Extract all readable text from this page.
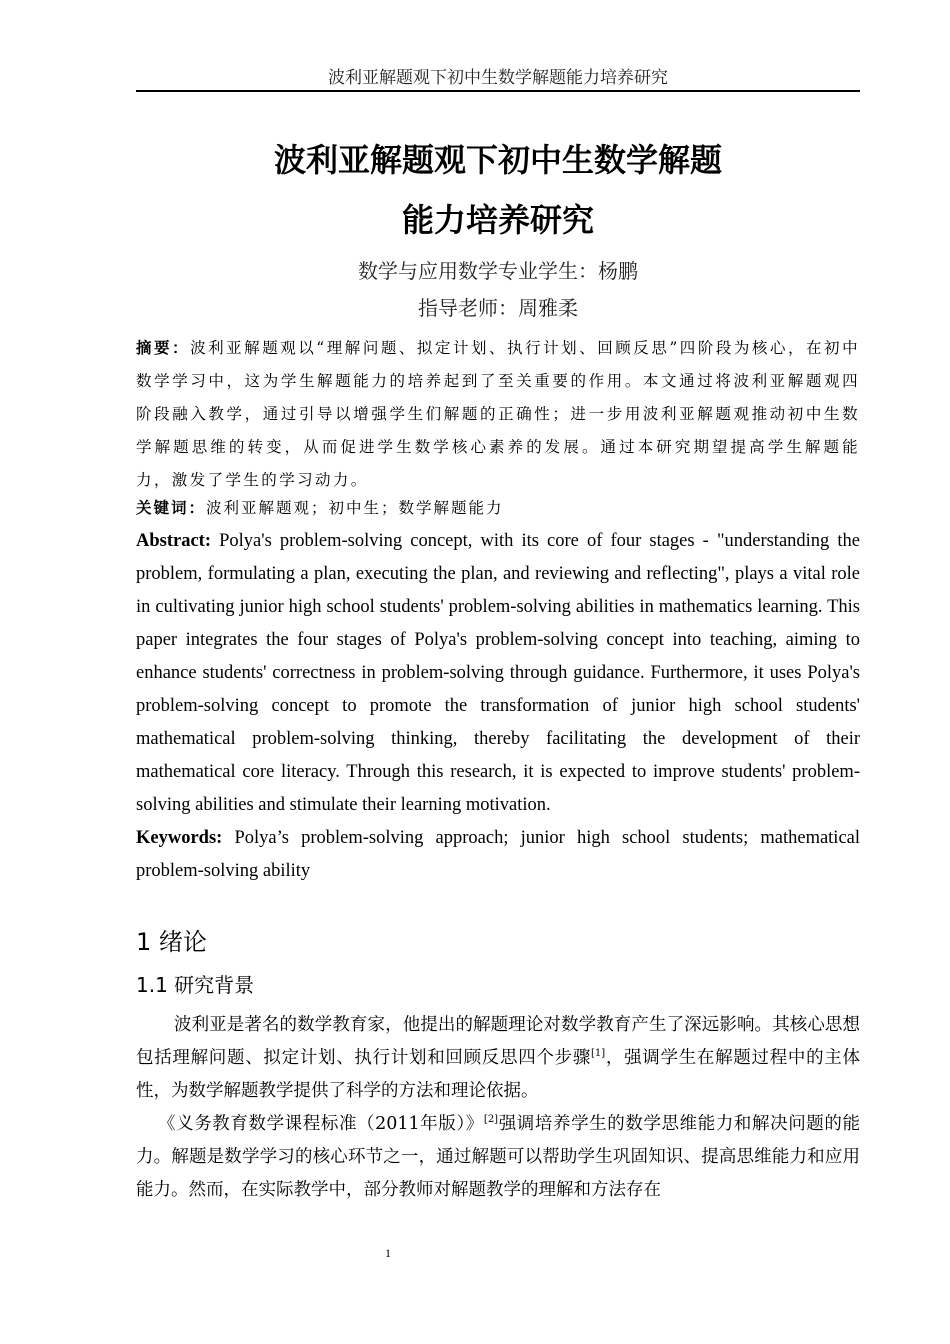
波利亚解题观下初中生数学解题能力培养研究
波利亚解题观下初中生数学解题
能力培养研究
数学与应用数学专业学生：杨鹏
指导老师：周雅柔

摘要：波利亚解题观以“理解问题、拟定计划、执行计划、回顾反思”四阶段为核心，在初中数学学习中，这为学生解题能力的培养起到了至关重要的作用。本文通过将波利亚解题观四阶段融入教学，通过引导以增强学生们解题的正确性；进一步用波利亚解题观推动初中生数学解题思维的转变，从而促进学生数学核心素养的发展。通过本研究期望提高学生解题能力，激发了学生的学习动力。

关键词：波利亚解题观；初中生；数学解题能力

Abstract: Polya's problem-solving concept, with its core of four stages - "understanding the problem, formulating a plan, executing the plan, and reviewing and reflecting", plays a vital role in cultivating junior high school students' problem-solving abilities in mathematics learning. This paper integrates the four stages of Polya's problem-solving concept into teaching, aiming to enhance students' correctness in problem-solving through guidance. Furthermore, it uses Polya's problem-solving concept to promote the transformation of junior high school students' mathematical problem-solving thinking, thereby facilitating the development of their mathematical core literacy. Through this research, it is expected to improve students' problem-solving abilities and stimulate their learning motivation.

Keywords: Polya’s problem-solving approach; junior high school students; mathematical problem-solving ability

1 绪论
1.1 研究背景

波利亚是著名的数学教育家，他提出的解题理论对数学教育产生了深远影响。其核心思想包括理解问题、拟定计划、执行计划和回顾反思四个步骤[1]，强调学生在解题过程中的主体性，为数学解题教学提供了科学的方法和理论依据。

《义务教育数学课程标准（2011年版）》[2]强调培养学生的数学思维能力和解决问题的能力。解题是数学学习的核心环节之一，通过解题可以帮助学生巩固知识、提高思维能力和应用能力。然而，在实际教学中，部分教师对解题教学的理解和方法存在

1
